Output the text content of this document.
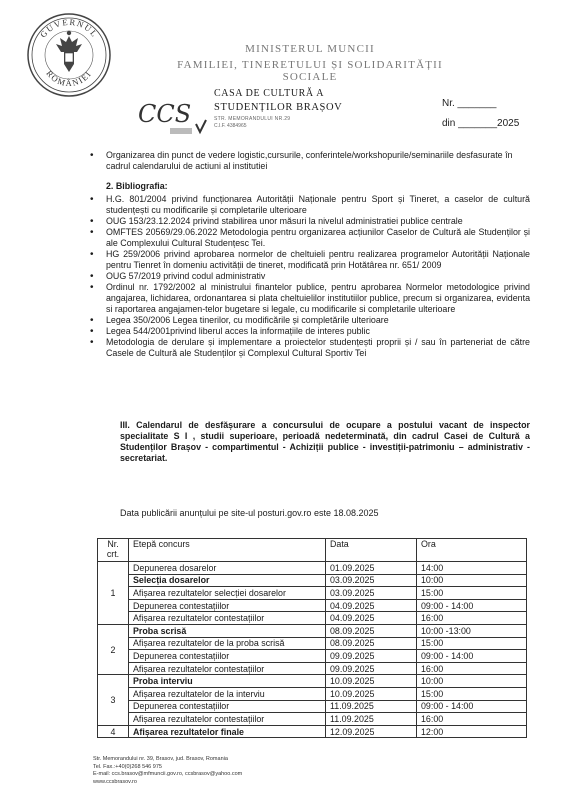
GUVERNUL
ROMÂNIEI
MINISTERUL MUNCII
FAMILIEI, TINERETULUI ȘI SOLIDARITĂȚII SOCIALE
CCS
CASA DE CULTURĂ A
STUDENȚILOR BRAȘOV
STR. MEMORANDULUI NR.29
C.I.F. 4384965
Nr. _______
din _______2025
• Organizarea din punct de vedere logistic,cursurile, conferintele/workshopurile/seminariile desfasurate în cadrul calendarului de actiuni al institutiei
2. Bibliografia:
• H.G. 801/2004 privind funcționarea Autorității Naționale pentru Sport și Tineret, a caselor de cultură studențești cu modificarile și completarile ulterioare
• OUG 153/23.12.2024 privind stabilirea unor măsuri la nivelul administratiei publice centrale
• OMFTES 20569/29.06.2022 Metodologia pentru organizarea acțiunilor Caselor de Cultură ale Studenților și ale Complexului Cultural Studențesc Tei.
• HG 259/2006 privind aprobarea normelor de cheltuieli pentru realizarea programelor Autorității Naționale pentru Tienret în domeniu activității de tineret, modificată prin Hotătârea nr. 651/ 2009
• OUG 57/2019 privind codul administrativ
• Ordinul nr. 1792/2002 al ministrului finantelor publice, pentru aprobarea Normelor metodologice privind angajarea, lichidarea, ordonantarea si plata cheltuielilor institutiilor publice, precum si organizarea, evidenta si raportarea angajamen-telor bugetare si legale, cu modificarile si completarile ulterioare
• Legea 350/2006 Legea tinerilor, cu modificările și completările ulterioare
• Legea 544/2001privind liberul acces la informațiile de interes public
• Metodologia de derulare și implementare a proiectelor studențești proprii și / sau în parteneriat de către Casele de Cultură ale Studenților și Complexul Cultural Sportiv Tei
III. Calendarul de desfășurare a concursului de ocupare a postului vacant de inspector specialitate S I , studii superioare, perioadă nedeterminată, din cadrul Casei de Cultură a Studenților Brașov - compartimentul - Achiziții publice - investiții-patrimoniu – administrativ -secretariat.
Data publicării anunțului pe site-ul posturi.gov.ro este 18.08.2025
Nr. crt.	Etepă concurs	Data	Ora
1	Depunerea dosarelor	01.09.2025	14:00
	Selecția dosarelor	03.09.2025	10:00
	Afișarea rezultatelor selecției dosarelor	03.09.2025	15:00
	Depunerea contestațiilor	04.09.2025	09:00 - 14:00
	Afișarea rezultatelor contestațiilor	04.09.2025	16:00
2	Proba scrisă	08.09.2025	10:00 -13:00
	Afișarea rezultatelor de la proba scrisă	08.09.2025	15:00
	Depunerea contestațiilor	09.09.2025	09:00 - 14:00
	Afișarea rezultatelor contestațiilor	09.09.2025	16:00
3	Proba interviu	10.09.2025	10:00
	Afișarea rezultatelor de la interviu	10.09.2025	15:00
	Depunerea contestațiilor	11.09.2025	09:00 - 14:00
	Afișarea rezultatelor contestațiilor	11.09.2025	16:00
4	Afișarea rezultatelor finale	12.09.2025	12:00
Str. Memorandului nr. 39, Brasov, jud. Brasov, Romania
Tel. Fax.:+40(0)268 546 975
E-mail: ccs.brasov@mfmuncii.gov.ro, ccsbrasov@yahoo.com
www.ccsbrasov.ro
